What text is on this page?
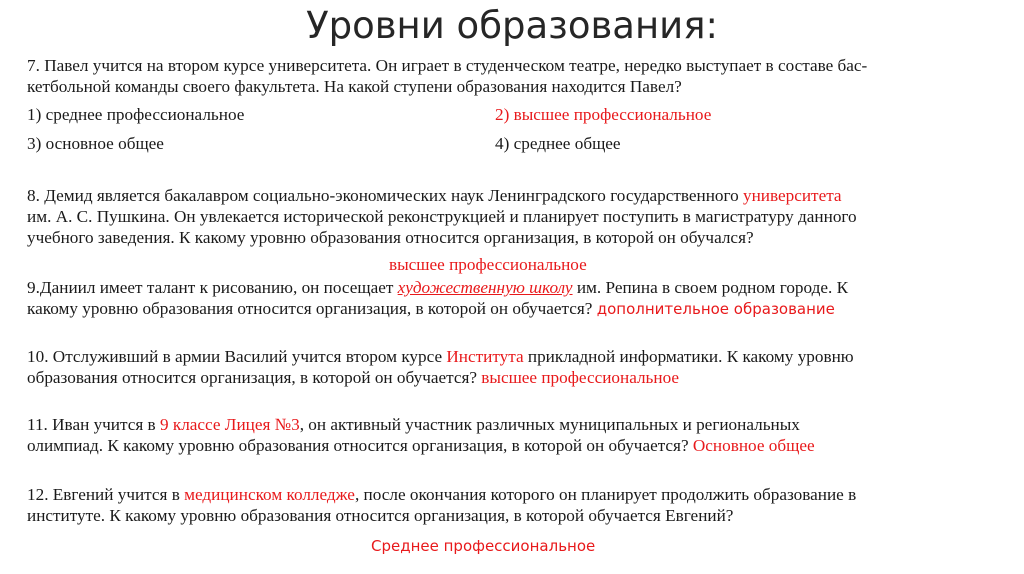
Уровни образования:
7. Павел учится на втором курсе университета. Он играет в студенческом театре, нередко выступает в составе бас-
кетбольной команды своего факультета. На какой ступени образования находится Павел?
1) среднее профессиональное	2) высшее профессиональное
3) основное общее	4) среднее общее
8. Демид является бакалавром социально-экономических наук Ленинградского государственного университета
им. А. С. Пушкина. Он увлекается исторической реконструкцией и планирует поступить в магистратуру данного
учебного заведения. К какому уровню образования относится организация, в которой он обучался?
высшее профессиональное
9.Даниил имеет талант к рисованию, он посещает художественную школу им. Репина в своем родном городе. К
какому уровню образования относится организация, в которой он обучается? дополнительное образование
10. Отслуживший в армии Василий учится втором курсе Института прикладной информатики. К какому уровню
образования относится организация, в которой он обучается? высшее профессиональное
11. Иван учится в 9 классе Лицея №3, он активный участник различных муниципальных и региональных
олимпиад. К какому уровню образования относится организация, в которой он обучается? Основное общее
12. Евгений учится в медицинском колледже, после окончания которого он планирует продолжить образование в
институте. К какому уровню образования относится организация, в которой обучается Евгений?
Среднее профессиональное
